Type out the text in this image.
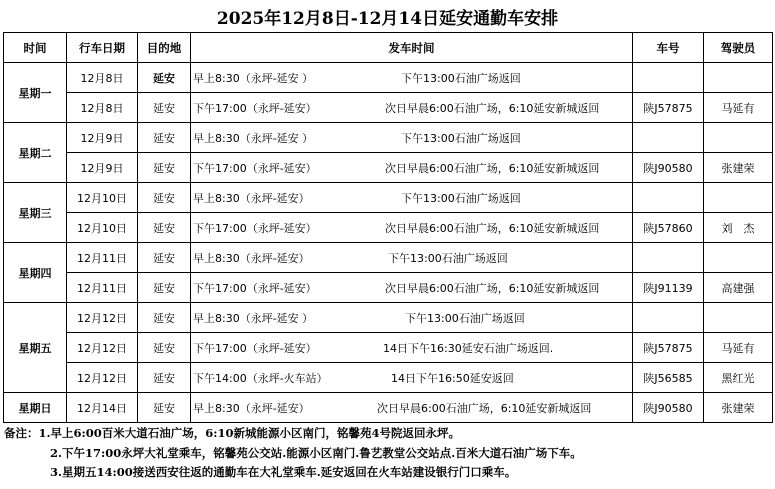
2025年12月8日-12月14日延安通勤车安排
时间	行车日期	目的地	发车时间	车号	驾驶员
星期一	12月8日	延安	早上8:30（永坪-延安 ） 下午13:00石油广场返回		

	12月8日	延安	下午17:00（永坪-延安） 次日早晨6:00石油广场，6:10延安新城返回	陕J57875	马延有
星期二	12月9日	延安	早上8:30（永坪-延安 ） 下午13:00石油广场返回		

	12月9日	延安	下午17:00（永坪-延安） 次日早晨6:00石油广场，6:10延安新城返回	陕J90580	张建荣
星期三	12月10日	延安	早上8:30（永坪-延安） 下午13:00石油广场返回		

	12月10日	延安	下午17:00（永坪-延安） 次日早晨6:00石油广场，6:10延安新城返回	陕J57860	刘　杰
星期四	12月11日	延安	早上8:30（永坪-延安） 下午13:00石油广场返回		

	12月11日	延安	下午17:00（永坪-延安） 次日早晨6:00石油广场，6:10延安新城返回	陕J91139	高建强
星期五	12月12日	延安	早上8:30（永坪-延安 ） 下午13:00石油广场返回		

	12月12日	延安	下午17:00（永坪-延安） 14日下午16:30延安石油广场返回.	陕J57875	马延有
	12月12日	延安	下午14:00（永坪-火车站） 14日下午16:50延安返回	陕J56585	黑红光
星期日	12月14日	延安	早上8:30（永坪-延安） 次日早晨6:00石油广场，6:10延安新城返回	陕J90580	张建荣
备注：1.早上6:00百米大道石油广场，6:10新城能源小区南门，铭馨苑4号院返回永坪。
2.下午17:00永坪大礼堂乘车，铭馨苑公交站.能源小区南门.鲁艺教堂公交站点.百米大道石油广场下车。
3.星期五14:00接送西安往返的通勤车在大礼堂乘车.延安返回在火车站建设银行门口乘车。
